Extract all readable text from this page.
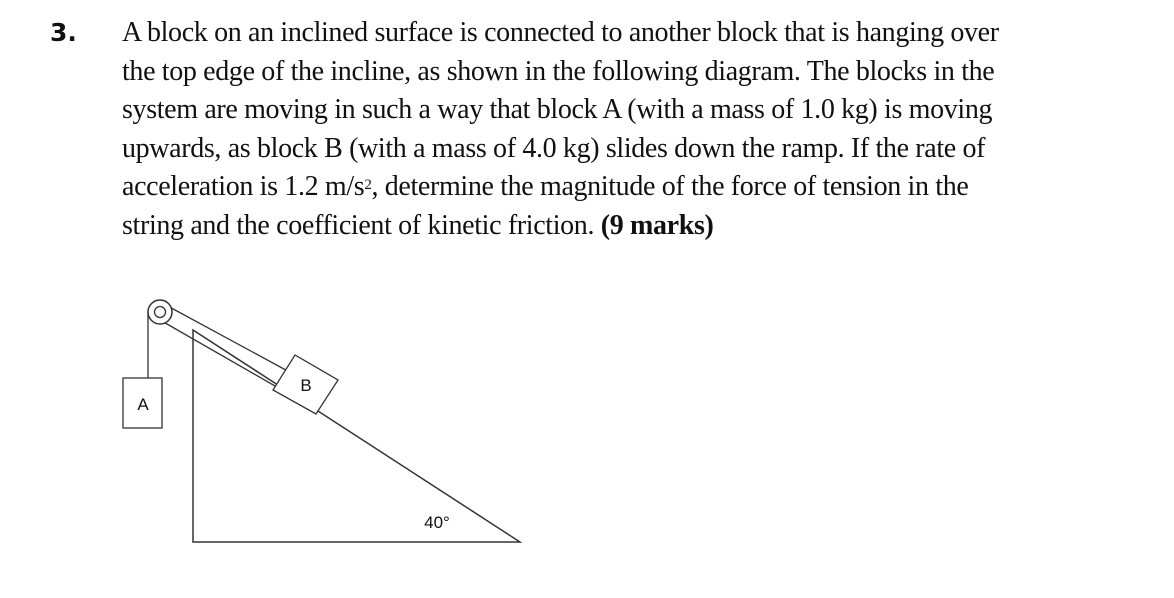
3. A block on an inclined surface is connected to another block that is hanging over
the top edge of the incline, as shown in the following diagram. The blocks in the
system are moving in such a way that block A (with a mass of 1.0 kg) is moving
upwards, as block B (with a mass of 4.0 kg) slides down the ramp. If the rate of
acceleration is 1.2 $m/s^2$, determine the magnitude of the force of tension in the
string and the coefficient of kinetic friction. (9 marks)
A
B
40°
